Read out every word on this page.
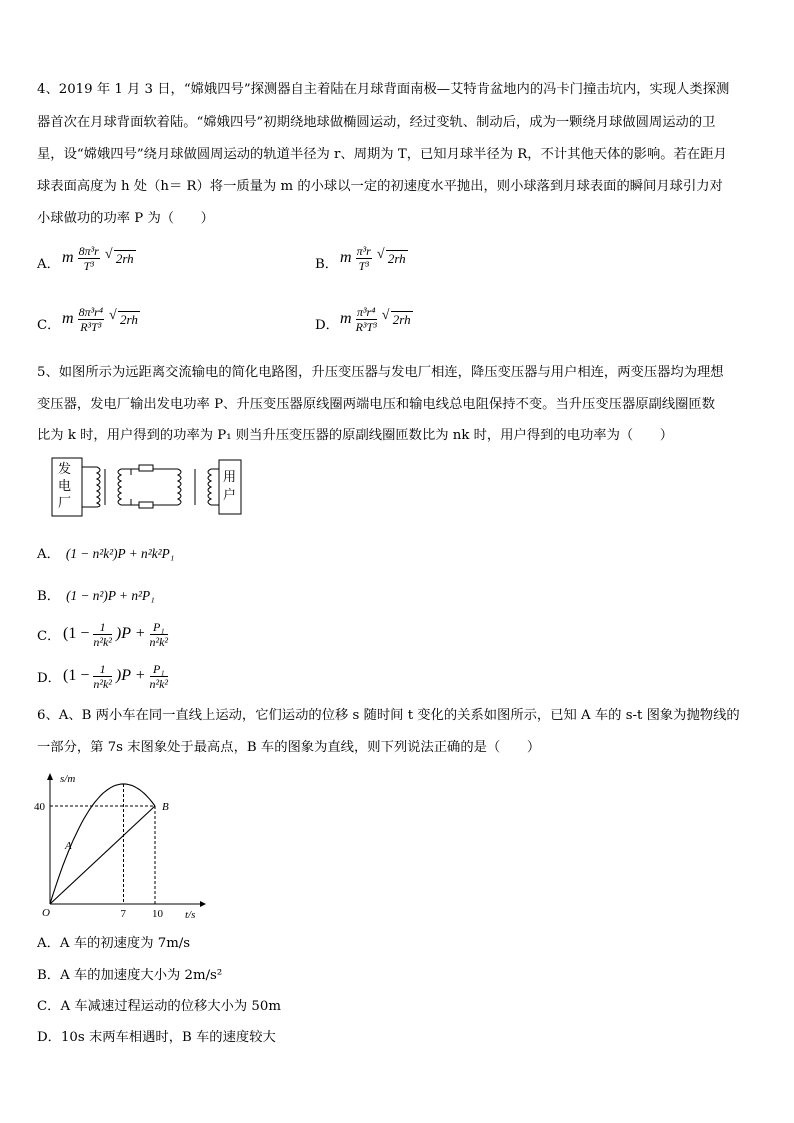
4、2019 年 1 月 3 日，“嫦娥四号”探测器自主着陆在月球背面南极—艾特肯盆地内的冯卡门撞击坑内，实现人类探测
器首次在月球背面软着陆。“嫦娥四号”初期绕地球做椭圆运动，经过变轨、制动后，成为一颗绕月球做圆周运动的卫
星，设“嫦娥四号”绕月球做圆周运动的轨道半径为 r、周期为 T，已知月球半径为 R，不计其他天体的影响。若在距月
球表面高度为 h 处（h＝ R）将一质量为 m 的小球以一定的初速度水平抛出，则小球落到月球表面的瞬间月球引力对
小球做功的功率 P 为（　　）
A． m $\frac{\text{8π³r}}{\text{T³}}$ √ 2rh	B． m $\frac{\text{π³r}}{\text{T³}}$ √ 2rh
C． m $\frac{\text{8π³r⁴}}{\text{R³T³}}$ √ 2rh	D． m $\frac{\text{π³r⁴}}{\text{R³T³}}$ √ 2rh
5、如图所示为远距离交流输电的简化电路图，升压变压器与发电厂相连，降压变压器与用户相连，两变压器均为理想
变压器，发电厂输出发电功率 P、升压变压器原线圈两端电压和输电线总电阻保持不变。当升压变压器原副线圈匝数
比为 k 时，用户得到的功率为 P₁ 则当升压变压器的原副线圈匝数比为 nk 时，用户得到的电功率为（　　）
发
电
厂
用
户
A． (1 − n²k²)P + n²k²P₁
B． (1 − n²)P + n²P₁
C． $(1 - \frac{1}{\text{n²k²}} )P + \frac{\text{P₁}}{\text{n²k²}}$
D． $(1 - \frac{1}{\text{n²k²}} )P + \frac{\text{P₁}}{\text{n²k²}}$
6、A、B 两小车在同一直线上运动，它们运动的位移 s 随时间 t 变化的关系如图所示，已知 A 车的 s-t 图象为抛物线的
一部分，第 7s 末图象处于最高点，B 车的图象为直线，则下列说法正确的是（　　）
s/m
t/s
O	7 10
40
A
B
A．A 车的初速度为 7m/s
B．A 车的加速度大小为 2m/s²
C．A 车减速过程运动的位移大小为 50m
D．10s 末两车相遇时，B 车的速度较大
